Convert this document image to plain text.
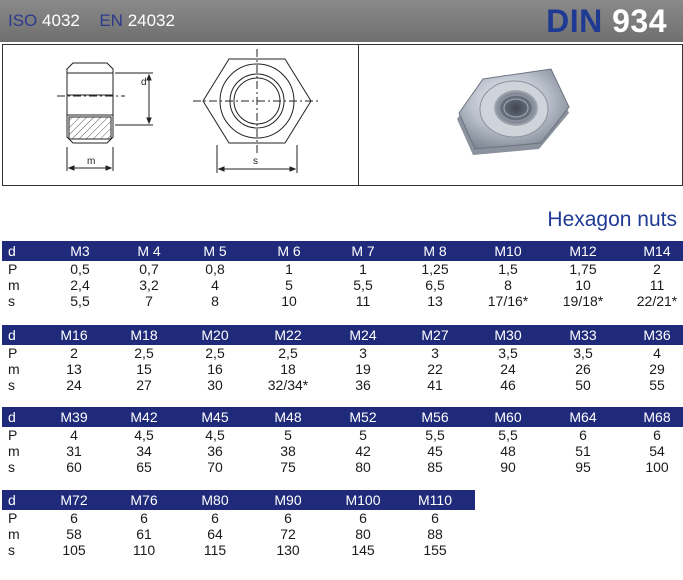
ISO 4032 EN 24032	DIN 934
m
d
s
Hexagon nuts
d	M3	M 4	M 5	M 6	M 7	M 8	M10	M12	M14
P	0,5	0,7	0,8	1	1	1,25	1,5	1,75	2
m	2,4	3,2	4	5	5,5	6,5	8	10	11
s	5,5	7	8	10	11	13	17/16*	19/18*	22/21*
d	M16	M18	M20	M22	M24	M27	M30	M33	M36
P	2	2,5	2,5	2,5	3	3	3,5	3,5	4
m	13	15	16	18	19	22	24	26	29
s	24	27	30	32/34*	36	41	46	50	55
d	M39	M42	M45	M48	M52	M56	M60	M64	M68
P	4	4,5	4,5	5	5	5,5	5,5	6	6
m	31	34	36	38	42	45	48	51	54
s	60	65	70	75	80	85	90	95	100
d	M72	M76	M80	M90	M100	M110
P	6	6	6	6	6	6
m	58	61	64	72	80	88
s	105	110	115	130	145	155
